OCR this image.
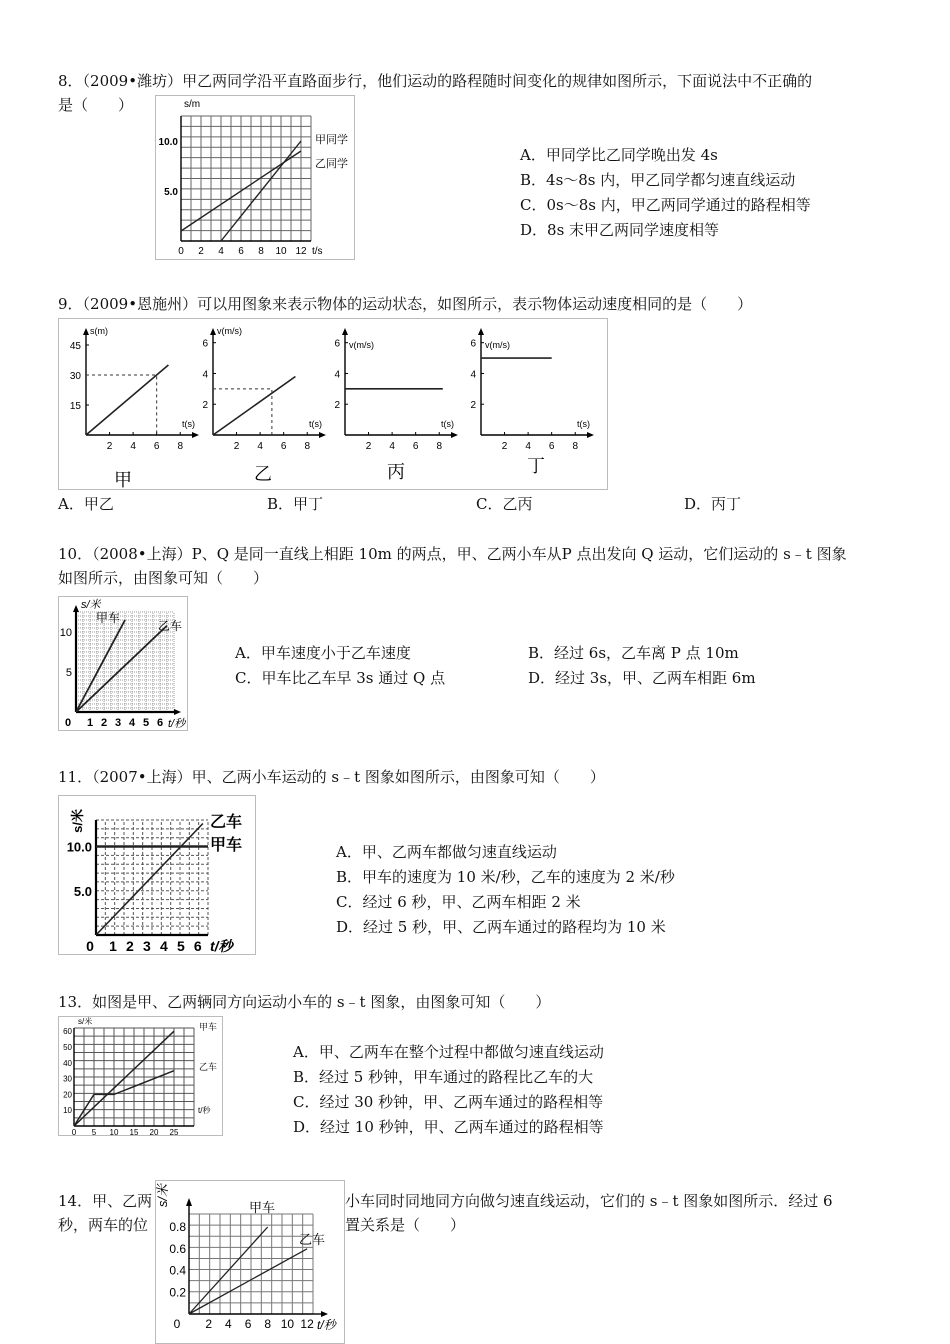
8．（2009•潍坊）甲乙两同学沿平直路面步行，他们运动的路程随时间变化的规律如图所示，下面说法中不正确的
是（　　）
0 2 4 6 8 10 12
5.0
10.0
s/m
t/s
甲同学
乙同学	A．甲同学比乙同学晚出发 4s
B．4s～8s 内，甲乙同学都匀速直线运动
C．0s～8s 内，甲乙两同学通过的路程相等
D．8s 末甲乙两同学速度相等
9．（2009•恩施州）可以用图象来表示物体的运动状态，如图所示，表示物体运动速度相同的是（　　）
2 4 6 8
15
30
45
s(m)
t(s)
甲
2 4 6 8
2
4
6
v(m/s)
t(s)
乙
2 4 6 8
2
4
6 v(m/s)
t(s)
丙
2 4 6 8
2
4
6 v(m/s)
t(s)
丁
A．甲乙	B．甲丁	C．乙丙	D．丙丁
10．（2008•上海）P、Q 是同一直线上相距 10m 的两点，甲、乙两小车从P 点出发向 Q 运动，它们运动的 s﹣t 图象
如图所示，由图象可知（　　）
0 1 2 3 4 5 6
5
10
s/米
t/秒
甲车
乙车
A．甲车速度小于乙车速度	B．经过 6s，乙车离 P 点 10m
C．甲车比乙车早 3s 通过 Q 点	D．经过 3s，甲、乙两车相距 6m
11．（2007•上海）甲、乙两小车运动的 s﹣t 图象如图所示，由图象可知（　　）
0 1 2 3 4 5 6
5.0
10.0
s/米
t/秒
乙车
甲车	A．甲、乙两车都做匀速直线运动
B．甲车的速度为 10 米/秒，乙车的速度为 2 米/秒
C．经过 6 秒，甲、乙两车相距 2 米
D．经过 5 秒，甲、乙两车通过的路程均为 10 米
13．如图是甲、乙两辆同方向运动小车的 s﹣t 图象，由图象可知（　　）
0 5 10 15 20 25
10
20
30
40
50
60
s/米
t/秒
甲车
乙车
A．甲、乙两车在整个过程中都做匀速直线运动
B．经过 5 秒钟，甲车通过的路程比乙车的大
C．经过 30 秒钟，甲、乙两车通过的路程相等
D．经过 10 秒钟，甲、乙两车通过的路程相等
14．甲、乙两	小车同时同地同方向做匀速直线运动，它们的 s﹣t 图象如图所示．经过 6
秒，两车的位	置关系是（　　）
0 2 4 6 8 10 12
0.2
0.4
0.6
0.8
s/米
t/秒
甲车
乙车
